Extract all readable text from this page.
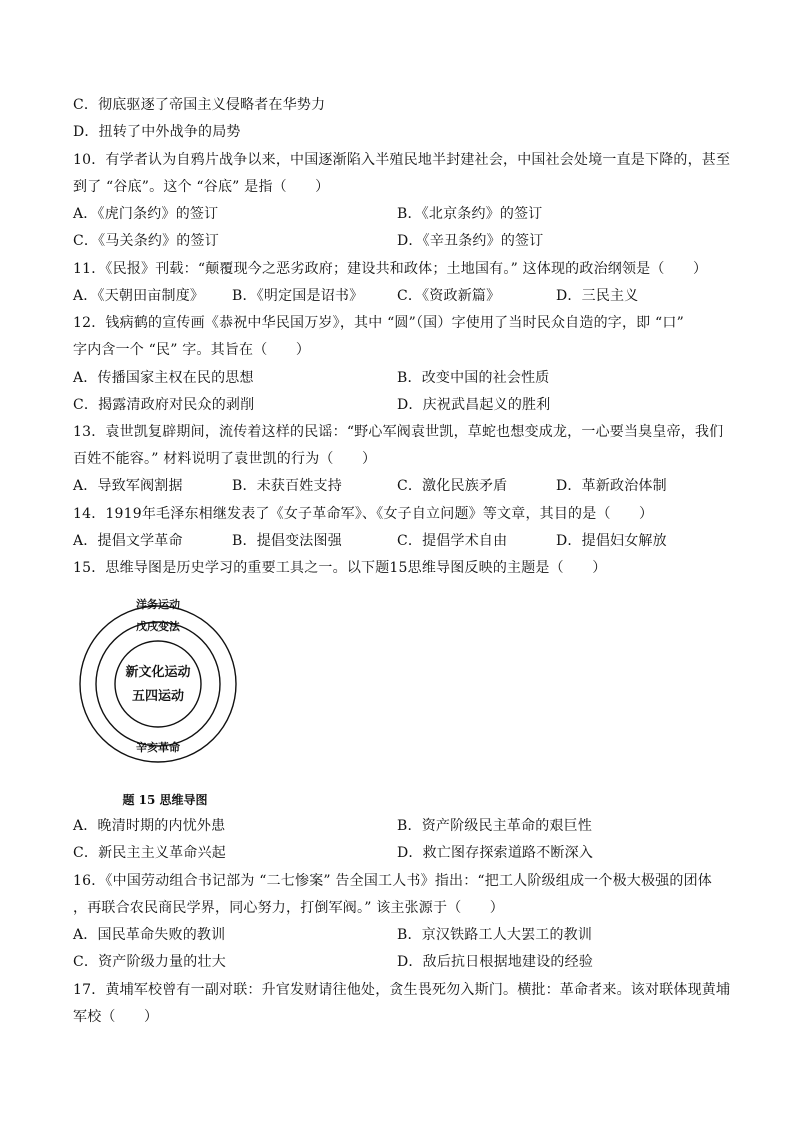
C．彻底驱逐了帝国主义侵略者在华势力
D．扭转了中外战争的局势
10．有学者认为自鸦片战争以来，中国逐渐陷入半殖民地半封建社会，中国社会处境一直是下降的，甚至
到了 “谷底”。这个 “谷底” 是指（　　）
A．《虎门条约》的签订	B．《北京条约》的签订
C．《马关条约》的签订	D．《辛丑条约》的签订
11．《民报》刊载：“颠覆现今之恶劣政府；建设共和政体；土地国有。” 这体现的政治纲领是（　　）
A．《天朝田亩制度》 B．《明定国是诏书》 C．《资政新篇》	D．三民主义
12．钱病鹤的宣传画《恭祝中华民国万岁》，其中 “圆”（国）字使用了当时民众自造的字，即 “口”
字内含一个 “民” 字。其旨在（　　）
A．传播国家主权在民的思想	B．改变中国的社会性质
C．揭露清政府对民众的剥削	D．庆祝武昌起义的胜利
13．袁世凯复辟期间，流传着这样的民谣：“野心军阀袁世凯，草蛇也想变成龙，一心要当臭皇帝，我们
百姓不能容。” 材料说明了袁世凯的行为（　　）
A．导致军阀割据	B．未获百姓支持	C．激化民族矛盾	D．革新政治体制
14．1919年毛泽东相继发表了《女子革命军》、《女子自立问题》等文章，其目的是（　　）
A．提倡文学革命	B．提倡变法图强	C．提倡学术自由	D．提倡妇女解放
15．思维导图是历史学习的重要工具之一。以下题15思维导图反映的主题是（　　）
洋务运动
戊戌变法
新文化运动
五四运动
辛亥革命
题 15 思维导图
A．晚清时期的内忧外患	B．资产阶级民主革命的艰巨性
C．新民主主义革命兴起	D．救亡图存探索道路不断深入
16．《中国劳动组合书记部为 “二七惨案” 告全国工人书》指出：“把工人阶级组成一个极大极强的团体
，再联合农民商民学界，同心努力，打倒军阀。” 该主张源于（　　）
A．国民革命失败的教训	B．京汉铁路工人大罢工的教训
C．资产阶级力量的壮大	D．敌后抗日根据地建设的经验
17．黄埔军校曾有一副对联：升官发财请往他处，贪生畏死勿入斯门。横批：革命者来。该对联体现黄埔
军校（　　）
